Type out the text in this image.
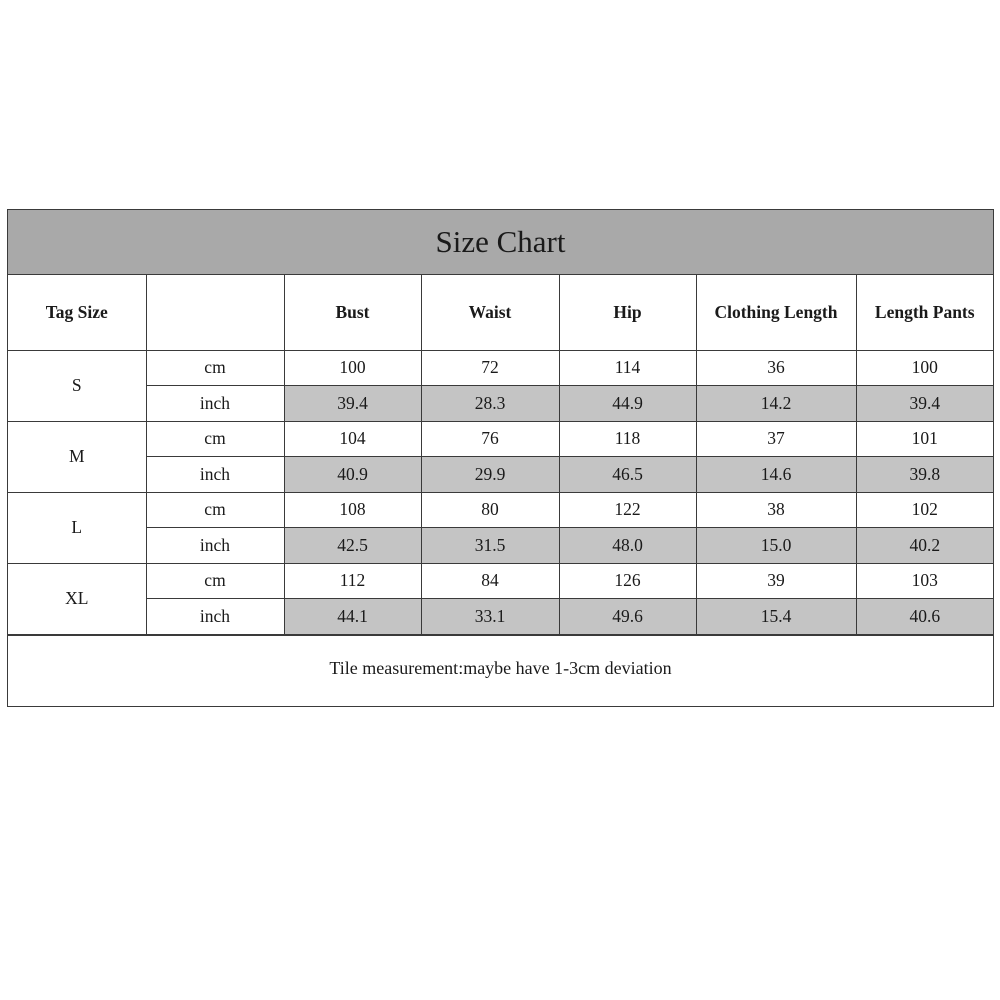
Size Chart
Tag Size		Bust	Waist	Hip	Clothing Length	Length Pants
S	cm	100	72	114	36	100
	inch	39.4	28.3	44.9	14.2	39.4
M	cm	104	76	118	37	101
	inch	40.9	29.9	46.5	14.6	39.8
L	cm	108	80	122	38	102
	inch	42.5	31.5	48.0	15.0	40.2
XL	cm	112	84	126	39	103
	inch	44.1	33.1	49.6	15.4	40.6
Tile measurement:maybe have 1-3cm deviation
